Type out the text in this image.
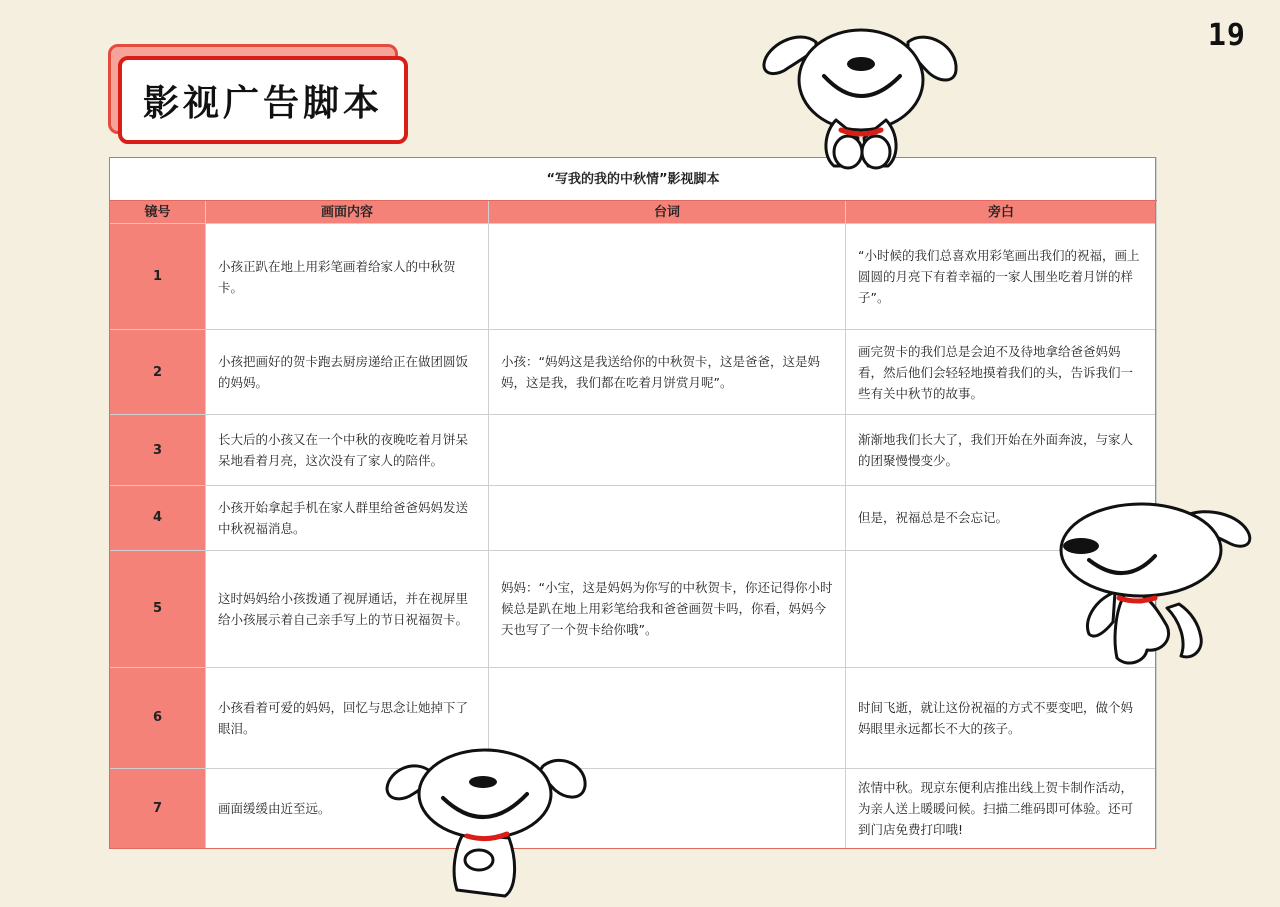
19
影视广告脚本
“写我的我的中秋情”影视脚本			
镜号	画面内容	台词	旁白
1	小孩正趴在地上用彩笔画着给家人的中秋贺卡。		“小时候的我们总喜欢用彩笔画出我们的祝福，画上圆圆的月亮下有着幸福的一家人围坐吃着月饼的样子”。
2	小孩把画好的贺卡跑去厨房递给正在做团圆饭的妈妈。	小孩：“妈妈这是我送给你的中秋贺卡，这是爸爸，这是妈妈，这是我，我们都在吃着月饼赏月呢”。	画完贺卡的我们总是会迫不及待地拿给爸爸妈妈看，然后他们会轻轻地摸着我们的头，告诉我们一些有关中秋节的故事。
3	长大后的小孩又在一个中秋的夜晚吃着月饼呆呆地看着月亮，这次没有了家人的陪伴。		渐渐地我们长大了，我们开始在外面奔波，与家人的团聚慢慢变少。
4	小孩开始拿起手机在家人群里给爸爸妈妈发送中秋祝福消息。		但是，祝福总是不会忘记。
5	这时妈妈给小孩拨通了视屏通话，并在视屏里给小孩展示着自己亲手写上的节日祝福贺卡。	妈妈：“小宝，这是妈妈为你写的中秋贺卡，你还记得你小时候总是趴在地上用彩笔给我和爸爸画贺卡吗，你看，妈妈今天也写了一个贺卡给你哦”。	
6	小孩看着可爱的妈妈，回忆与思念让她掉下了眼泪。		时间飞逝，就让这份祝福的方式不要变吧，做个妈妈眼里永远都长不大的孩子。
7	画面缓缓由近至远。		浓情中秋。现京东便利店推出线上贺卡制作活动，为亲人送上暖暖问候。扫描二维码即可体验。还可到门店免费打印哦!
